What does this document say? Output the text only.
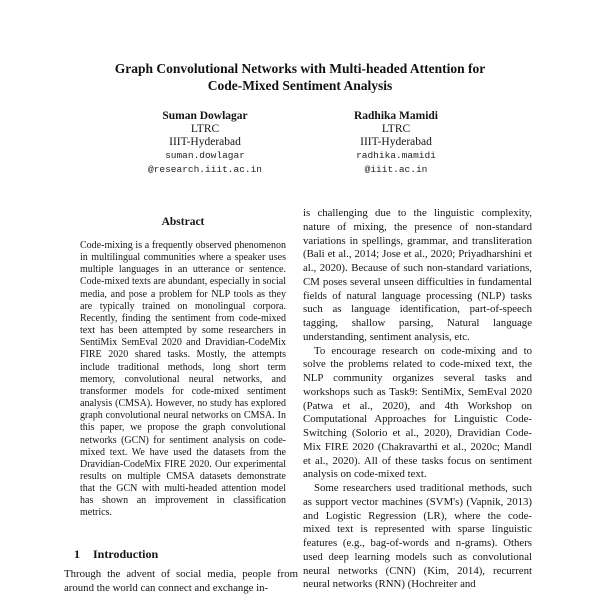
Graph Convolutional Networks with Multi-headed Attention for
Code-Mixed Sentiment Analysis
Suman Dowlagar
LTRC
IIIT-Hyderabad
suman.dowlagar
@research.iiit.ac.in
Radhika Mamidi
LTRC
IIIT-Hyderabad
radhika.mamidi
@iiit.ac.in
Abstract
Code-mixing is a frequently observed phenomenon in multilingual communities where a speaker uses multiple languages in an utterance or sentence. Code-mixed texts are abundant, especially in social media, and pose a problem for NLP tools as they are typically trained on monolingual corpora. Recently, finding the sentiment from code-mixed text has been attempted by some researchers in SentiMix SemEval 2020 and Dravidian-CodeMix FIRE 2020 shared tasks. Mostly, the attempts include traditional methods, long short term memory, convolutional neural networks, and transformer models for code-mixed sentiment analysis (CMSA). However, no study has explored graph convolutional neural networks on CMSA. In this paper, we propose the graph convolutional networks (GCN) for sentiment analysis on code-mixed text. We have used the datasets from the Dravidian-CodeMix FIRE 2020. Our experimental results on multiple CMSA datasets demonstrate that the GCN with multi-headed attention model has shown an improvement in classification metrics.
1 Introduction
Through the advent of social media, people from around the world can connect and exchange in-

is challenging due to the linguistic complexity, nature of mixing, the presence of non-standard variations in spellings, grammar, and transliteration (Bali et al., 2014; Jose et al., 2020; Priyadharshini et al., 2020). Because of such non-standard variations, CM poses several unseen difficulties in fundamental fields of natural language processing (NLP) tasks such as language identification, part-of-speech tagging, shallow parsing, Natural language understanding, sentiment analysis, etc.

To encourage research on code-mixing and to solve the problems related to code-mixed text, the NLP community organizes several tasks and workshops such as Task9: SentiMix, SemEval 2020 (Patwa et al., 2020), and 4th Workshop on Computational Approaches for Linguistic Code-Switching (Solorio et al., 2020), Dravidian Code-Mix FIRE 2020 (Chakravarthi et al., 2020c; Mandl et al., 2020). All of these tasks focus on sentiment analysis on code-mixed text.

Some researchers used traditional methods, such as support vector machines (SVM's) (Vapnik, 2013) and Logistic Regression (LR), where the code-mixed text is represented with sparse linguistic features (e.g., bag-of-words and n-grams). Others used deep learning models such as convolutional neural networks (CNN) (Kim, 2014), recurrent neural networks (RNN) (Hochreiter and
